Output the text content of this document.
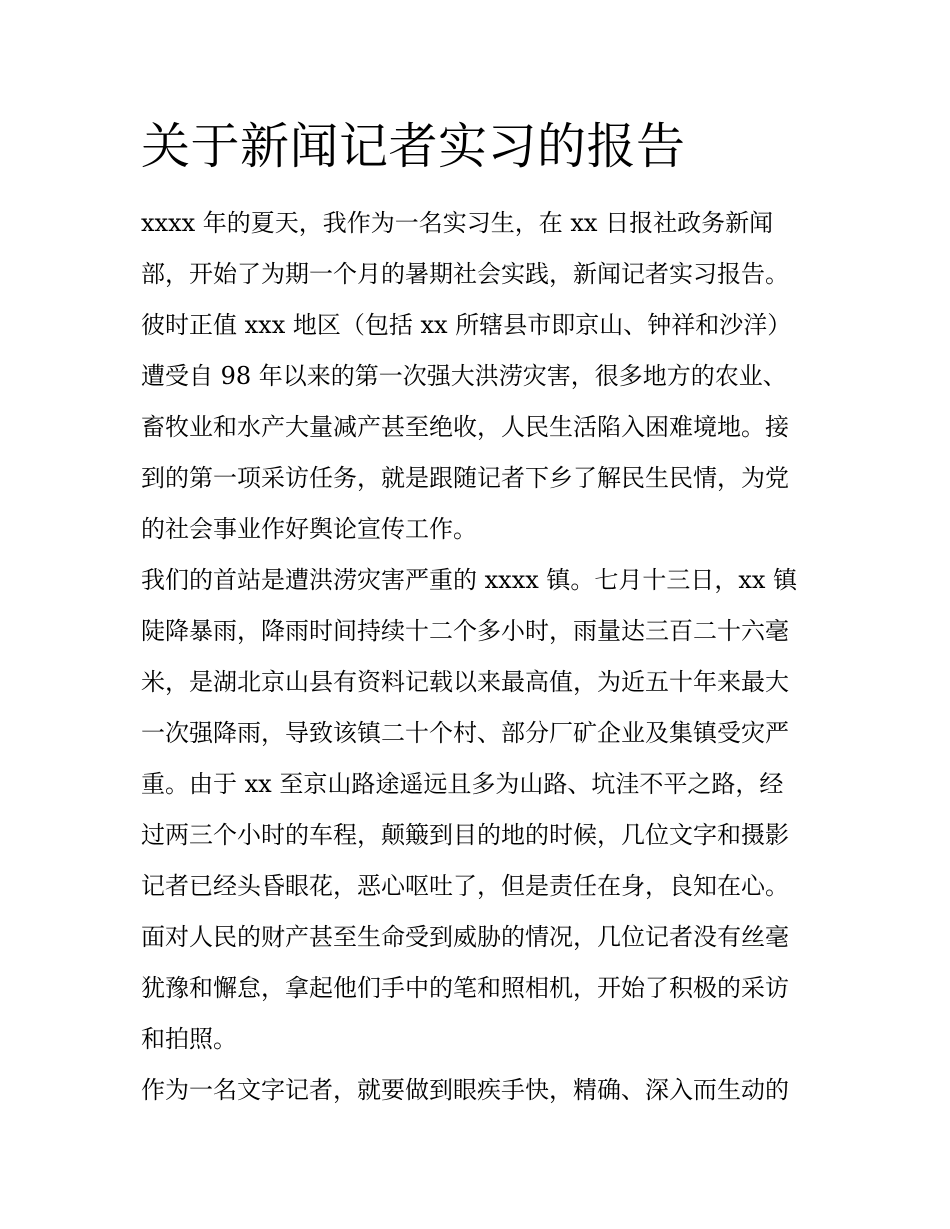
关于新闻记者实习的报告
xxxx 年的夏天，我作为一名实习生，在 xx 日报社政务新闻
部，开始了为期一个月的暑期社会实践，新闻记者实习报告。
彼时正值 xxx 地区（包括 xx 所辖县市即京山、钟祥和沙洋）
遭受自 98 年以来的第一次强大洪涝灾害，很多地方的农业、
畜牧业和水产大量减产甚至绝收，人民生活陷入困难境地。接
到的第一项采访任务，就是跟随记者下乡了解民生民情，为党
的社会事业作好舆论宣传工作。
我们的首站是遭洪涝灾害严重的 xxxx 镇。七月十三日，xx 镇
陡降暴雨，降雨时间持续十二个多小时，雨量达三百二十六毫
米，是湖北京山县有资料记载以来最高值，为近五十年来最大
一次强降雨，导致该镇二十个村、部分厂矿企业及集镇受灾严
重。由于 xx 至京山路途遥远且多为山路、坑洼不平之路，经
过两三个小时的车程，颠簸到目的地的时候，几位文字和摄影
记者已经头昏眼花，恶心呕吐了，但是责任在身，良知在心。
面对人民的财产甚至生命受到威胁的情况，几位记者没有丝毫
犹豫和懈怠，拿起他们手中的笔和照相机，开始了积极的采访
和拍照。
作为一名文字记者，就要做到眼疾手快，精确、深入而生动的
